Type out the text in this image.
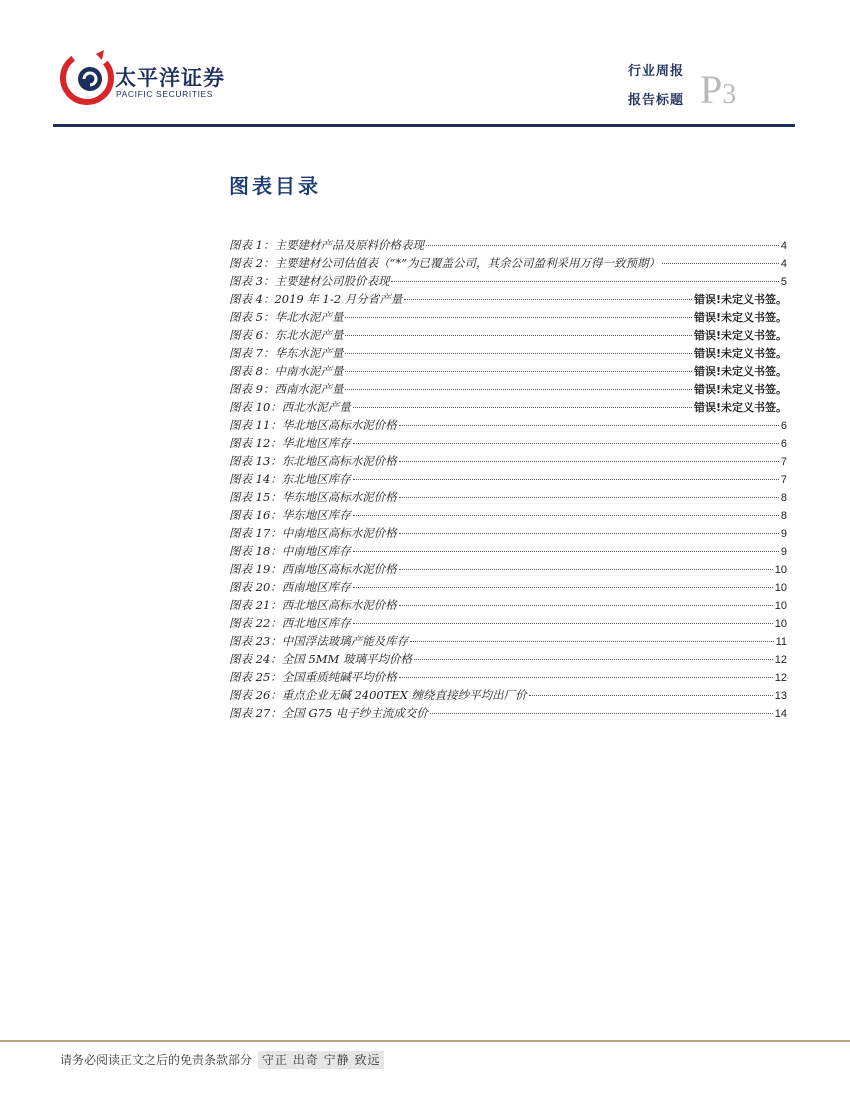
太平洋证券
PACIFIC SECURITIES
行业周报
报告标题 P3
图表目录
图表 1：主要建材产品及原料价格表现	4
图表 2：主要建材公司估值表（“*”为已覆盖公司，其余公司盈利采用万得一致预期）	4
图表 3：主要建材公司股价表现	5
图表 4：2019 年 1-2 月分省产量	错误!未定义书签。
图表 5：华北水泥产量	错误!未定义书签。
图表 6：东北水泥产量	错误!未定义书签。
图表 7：华东水泥产量	错误!未定义书签。
图表 8：中南水泥产量	错误!未定义书签。
图表 9：西南水泥产量	错误!未定义书签。
图表 10：西北水泥产量	错误!未定义书签。
图表 11：华北地区高标水泥价格	6
图表 12：华北地区库存	6
图表 13：东北地区高标水泥价格	7
图表 14：东北地区库存	7
图表 15：华东地区高标水泥价格	8
图表 16：华东地区库存	8
图表 17：中南地区高标水泥价格	9
图表 18：中南地区库存	9
图表 19：西南地区高标水泥价格	10
图表 20：西南地区库存	10
图表 21：西北地区高标水泥价格	10
图表 22：西北地区库存	10
图表 23：中国浮法玻璃产能及库存	11
图表 24：全国 5MM 玻璃平均价格	12
图表 25：全国重质纯碱平均价格	12
图表 26：重点企业无碱 2400TEX 缠绕直接纱平均出厂价	13
图表 27：全国 G75 电子纱主流成交价	14
请务必阅读正文之后的免责条款部分 守正 出奇 宁静 致远
